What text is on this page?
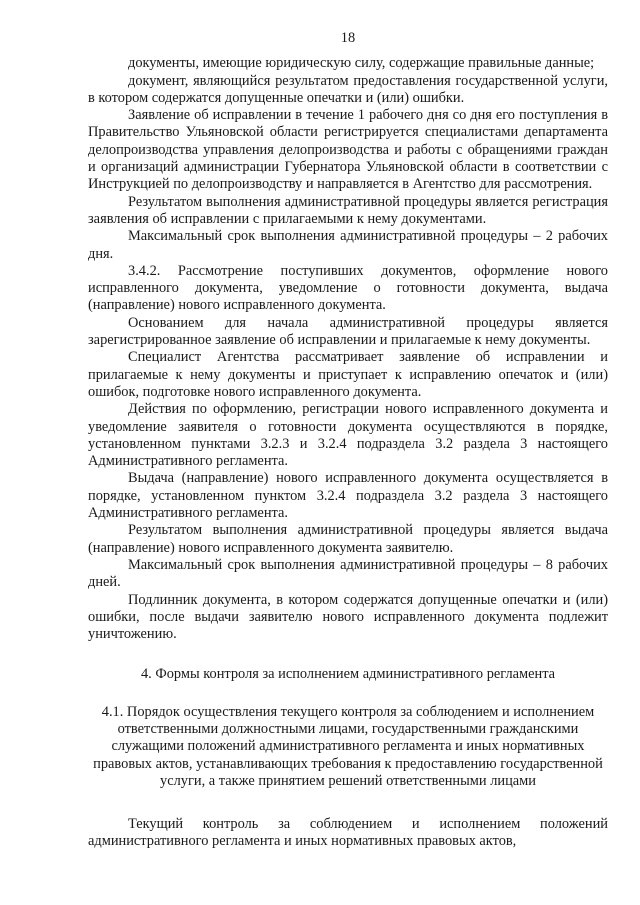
18

документы, имеющие юридическую силу, содержащие правильные данные;

документ, являющийся результатом предоставления государственной услуги, в котором содержатся допущенные опечатки и (или) ошибки.

Заявление об исправлении в течение 1 рабочего дня со дня его поступления в Правительство Ульяновской области регистрируется специалистами департамента делопроизводства управления делопроизводства и работы с обращениями граждан и организаций администрации Губернатора Ульяновской области в соответствии с Инструкцией по делопроизводству и направляется в Агентство для рассмотрения.

Результатом выполнения административной процедуры является регистрация заявления об исправлении с прилагаемыми к нему документами.

Максимальный срок выполнения административной процедуры – 2 рабочих дня.

3.4.2. Рассмотрение поступивших документов, оформление нового исправленного документа, уведомление о готовности документа, выдача (направление) нового исправленного документа.

Основанием для начала административной процедуры является зарегистрированное заявление об исправлении и прилагаемые к нему документы.

Специалист Агентства рассматривает заявление об исправлении и прилагаемые к нему документы и приступает к исправлению опечаток и (или) ошибок, подготовке нового исправленного документа.

Действия по оформлению, регистрации нового исправленного документа и уведомление заявителя о готовности документа осуществляются в порядке, установленном пунктами 3.2.3 и 3.2.4 подраздела 3.2 раздела 3 настоящего Административного регламента.

Выдача (направление) нового исправленного документа осуществляется в порядке, установленном пунктом 3.2.4 подраздела 3.2 раздела 3 настоящего Административного регламента.

Результатом выполнения административной процедуры является выдача (направление) нового исправленного документа заявителю.

Максимальный срок выполнения административной процедуры – 8 рабочих дней.

Подлинник документа, в котором содержатся допущенные опечатки и (или) ошибки, после выдачи заявителю нового исправленного документа подлежит уничтожению.

4. Формы контроля за исполнением административного регламента

4.1. Порядок осуществления текущего контроля за соблюдением и исполнением ответственными должностными лицами, государственными гражданскими служащими положений административного регламента и иных нормативных правовых актов, устанавливающих требования к предоставлению государственной услуги, а также принятием решений ответственными лицами

Текущий контроль за соблюдением и исполнением положений административного регламента и иных нормативных правовых актов,
